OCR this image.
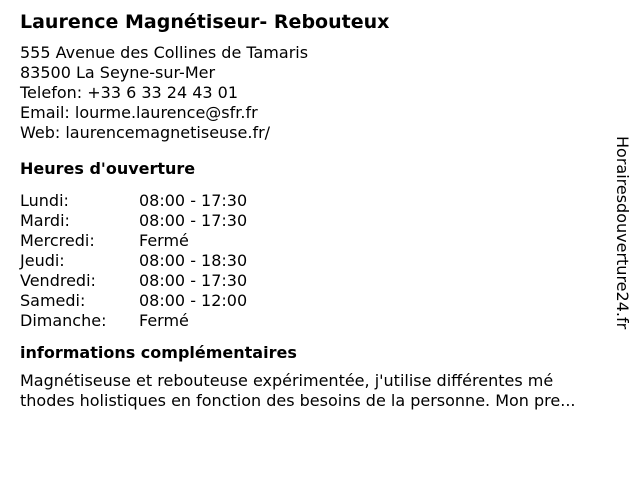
Laurence Magnétiseur- Rebouteux
555 Avenue des Collines de Tamaris
83500 La Seyne-sur-Mer
Telefon: +33 6 33 24 43 01
Email: lourme.laurence@sfr.fr
Web: laurencemagnetiseuse.fr/
Heures d'ouverture
Lundi:	08:00 - 17:30
Mardi:	08:00 - 17:30
Mercredi:	Fermé
Jeudi:	08:00 - 18:30
Vendredi:	08:00 - 17:30
Samedi:	08:00 - 12:00
Dimanche: Fermé
informations complémentaires
Magnétiseuse et rebouteuse expérimentée, j'utilise différentes mé
thodes holistiques en fonction des besoins de la personne. Mon pre...
Horairesdouverture24.fr
